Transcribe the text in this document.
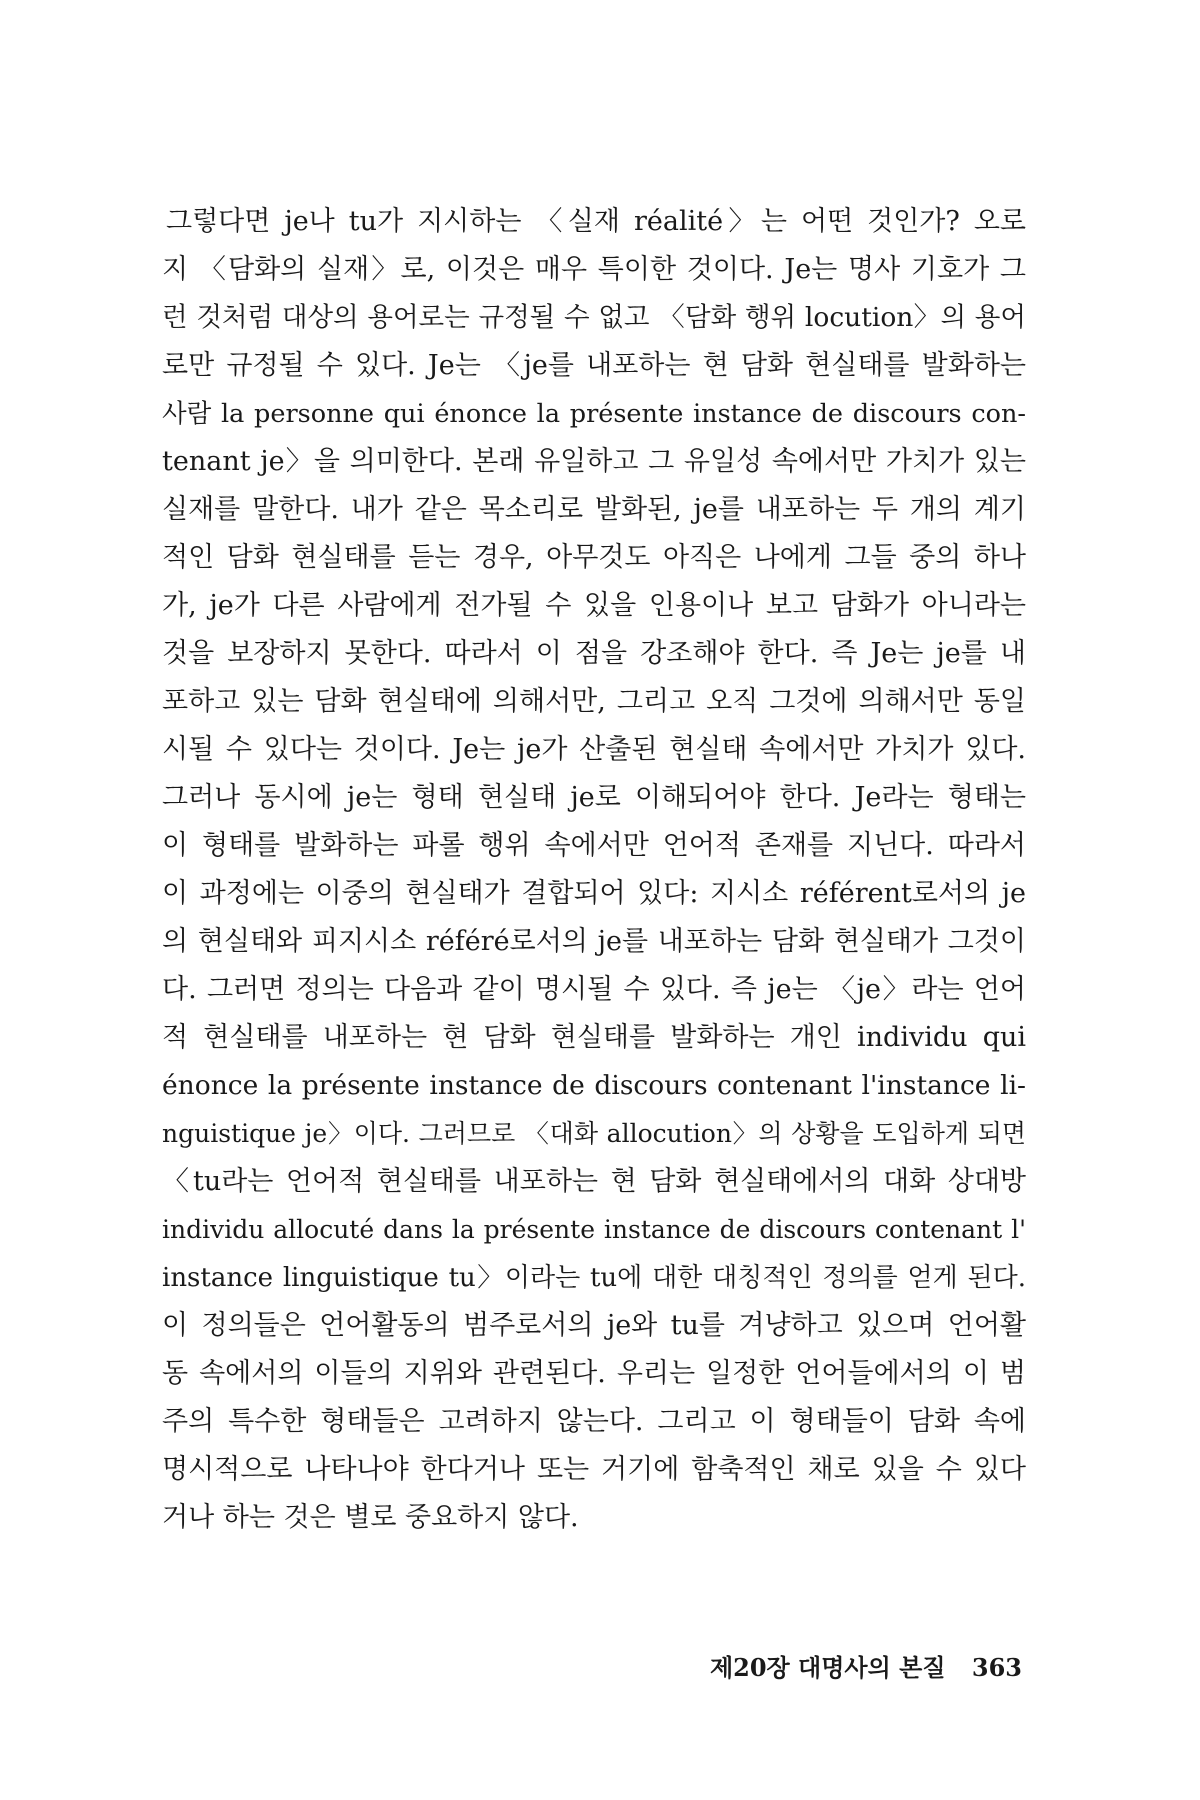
그렇다면 je나 tu가 지시하는 〈실재 réalité〉는 어떤 것인가? 오로
지 〈담화의 실재〉로, 이것은 매우 특이한 것이다. Je는 명사 기호가 그
런 것처럼 대상의 용어로는 규정될 수 없고 〈담화 행위 locution〉의 용어
로만 규정될 수 있다. Je는 〈je를 내포하는 현 담화 현실태를 발화하는
사람 la personne qui énonce la présente instance de discours con-
tenant je〉을 의미한다. 본래 유일하고 그 유일성 속에서만 가치가 있는
실재를 말한다. 내가 같은 목소리로 발화된, je를 내포하는 두 개의 계기
적인 담화 현실태를 듣는 경우, 아무것도 아직은 나에게 그들 중의 하나
가, je가 다른 사람에게 전가될 수 있을 인용이나 보고 담화가 아니라는
것을 보장하지 못한다. 따라서 이 점을 강조해야 한다. 즉 Je는 je를 내
포하고 있는 담화 현실태에 의해서만, 그리고 오직 그것에 의해서만 동일
시될 수 있다는 것이다. Je는 je가 산출된 현실태 속에서만 가치가 있다.
그러나 동시에 je는 형태 현실태 je로 이해되어야 한다. Je라는 형태는
이 형태를 발화하는 파롤 행위 속에서만 언어적 존재를 지닌다. 따라서
이 과정에는 이중의 현실태가 결합되어 있다: 지시소 référent로서의 je
의 현실태와 피지시소 référé로서의 je를 내포하는 담화 현실태가 그것이
다. 그러면 정의는 다음과 같이 명시될 수 있다. 즉 je는 〈je〉라는 언어
적 현실태를 내포하는 현 담화 현실태를 발화하는 개인 individu qui
énonce la présente instance de discours contenant l'instance li-
nguistique je〉이다. 그러므로 〈대화 allocution〉의 상황을 도입하게 되면
〈tu라는 언어적 현실태를 내포하는 현 담화 현실태에서의 대화 상대방
individu allocuté dans la présente instance de discours contenant l'
instance linguistique tu〉이라는 tu에 대한 대칭적인 정의를 얻게 된다.
이 정의들은 언어활동의 범주로서의 je와 tu를 겨냥하고 있으며 언어활
동 속에서의 이들의 지위와 관련된다. 우리는 일정한 언어들에서의 이 범
주의 특수한 형태들은 고려하지 않는다. 그리고 이 형태들이 담화 속에
명시적으로 나타나야 한다거나 또는 거기에 함축적인 채로 있을 수 있다
거나 하는 것은 별로 중요하지 않다.
제20장 대명사의 본질 363
